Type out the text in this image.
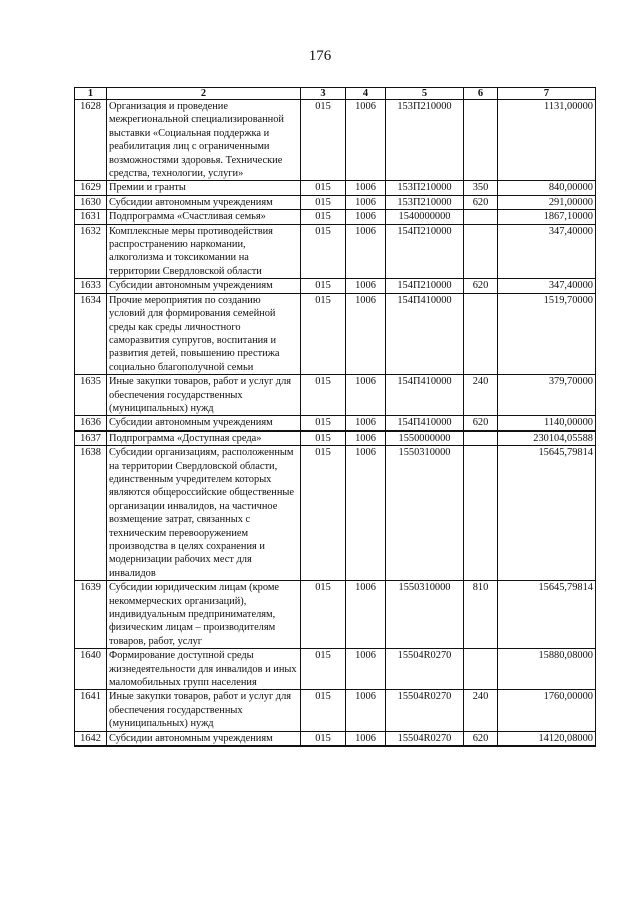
176
1	2	3	4	5	6	7
1628	Организация и проведение межрегиональной специализированной выставки «Социальная поддержка и реабилитация лиц с ограниченными возможностями здоровья. Технические средства, технологии, услуги»	015	1006	153П210000		1131,00000
1629	Премии и гранты	015	1006	153П210000	350	840,00000
1630	Субсидии автономным учреждениям	015	1006	153П210000	620	291,00000
1631	Подпрограмма «Счастливая семья»	015	1006	1540000000		1867,10000
1632	Комплексные меры противодействия распространению наркомании, алкоголизма и токсикомании на территории Свердловской области	015	1006	154П210000		347,40000
1633	Субсидии автономным учреждениям	015	1006	154П210000	620	347,40000
1634	Прочие мероприятия по созданию условий для формирования семейной среды как среды личностного саморазвития супругов, воспитания и развития детей, повышению престижа социально благополучной семьи	015	1006	154П410000		1519,70000
1635	Иные закупки товаров, работ и услуг для обеспечения государственных (муниципальных) нужд	015	1006	154П410000	240	379,70000
1636	Субсидии автономным учреждениям	015	1006	154П410000	620	1140,00000
1637	Подпрограмма «Доступная среда»	015	1006	1550000000		230104,05588
1638	Субсидии организациям, расположенным на территории Свердловской области, единственным учредителем которых являются общероссийские общественные организации инвалидов, на частичное возмещение затрат, связанных с техническим перевооружением производства в целях сохранения и модернизации рабочих мест для инвалидов	015	1006	1550310000		15645,79814
1639	Субсидии юридическим лицам (кроме некоммерческих организаций), индивидуальным предпринимателям, физическим лицам – производителям товаров, работ, услуг	015	1006	1550310000	810	15645,79814
1640	Формирование доступной среды жизнедеятельности для инвалидов и иных маломобильных групп населения	015	1006	15504R0270		15880,08000
1641	Иные закупки товаров, работ и услуг для обеспечения государственных (муниципальных) нужд	015	1006	15504R0270	240	1760,00000
1642	Субсидии автономным учреждениям	015	1006	15504R0270	620	14120,08000
